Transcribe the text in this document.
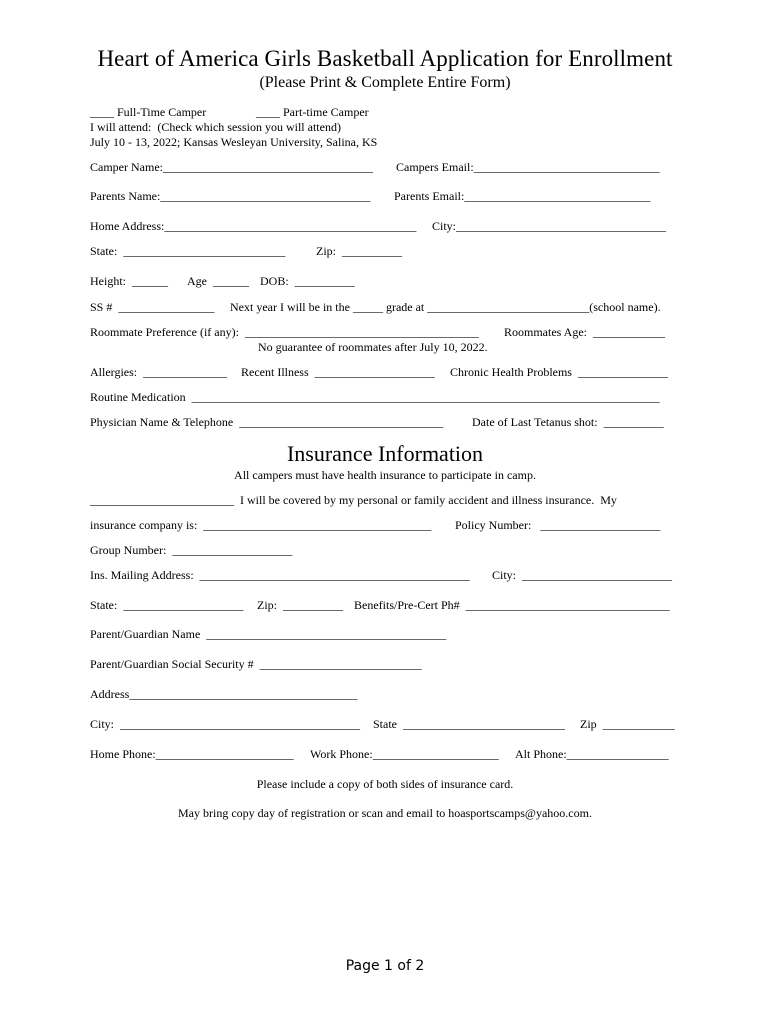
Heart of America Girls Basketball Application for Enrollment
(Please Print & Complete Entire Form)
____ Full-Time Camper	____ Part-time Camper
I will attend:  (Check which session you will attend)
July 10 - 13, 2022; Kansas Wesleyan University, Salina, KS
Camper Name:___________________________________ Campers Email:_______________________________
Parents Name:___________________________________ Parents Email:_______________________________
Home Address:__________________________________________ City:___________________________________
State:  ___________________________	Zip:  __________
Height:  ______ Age  ______ DOB:  __________
SS #  ________________ Next year I will be in the _____ grade at ___________________________(school name).
Roommate Preference (if any):  _______________________________________ Roommates Age:  ____________
No guarantee of roommates after July 10, 2022.
Allergies:  ______________ Recent Illness  ____________________ Chronic Health Problems  _______________
Routine Medication  ______________________________________________________________________________
Physician Name & Telephone  __________________________________ Date of Last Tetanus shot:  __________
Insurance Information
All campers must have health insurance to participate in camp.
________________________  I will be covered by my personal or family accident and illness insurance.  My
insurance company is:  ______________________________________ Policy Number:   ____________________
Group Number:  ____________________
Ins. Mailing Address:  _____________________________________________ City:  _________________________
State:  ____________________ Zip:  __________ Benefits/Pre-Cert Ph#  __________________________________
Parent/Guardian Name  ________________________________________
Parent/Guardian Social Security #  ___________________________
Address______________________________________
City:  ________________________________________ State  ___________________________ Zip  ____________
Home Phone:_______________________ Work Phone:_____________________ Alt Phone:_________________
Please include a copy of both sides of insurance card.
May bring copy day of registration or scan and email to hoasportscamps@yahoo.com.
Page 1 of 2
